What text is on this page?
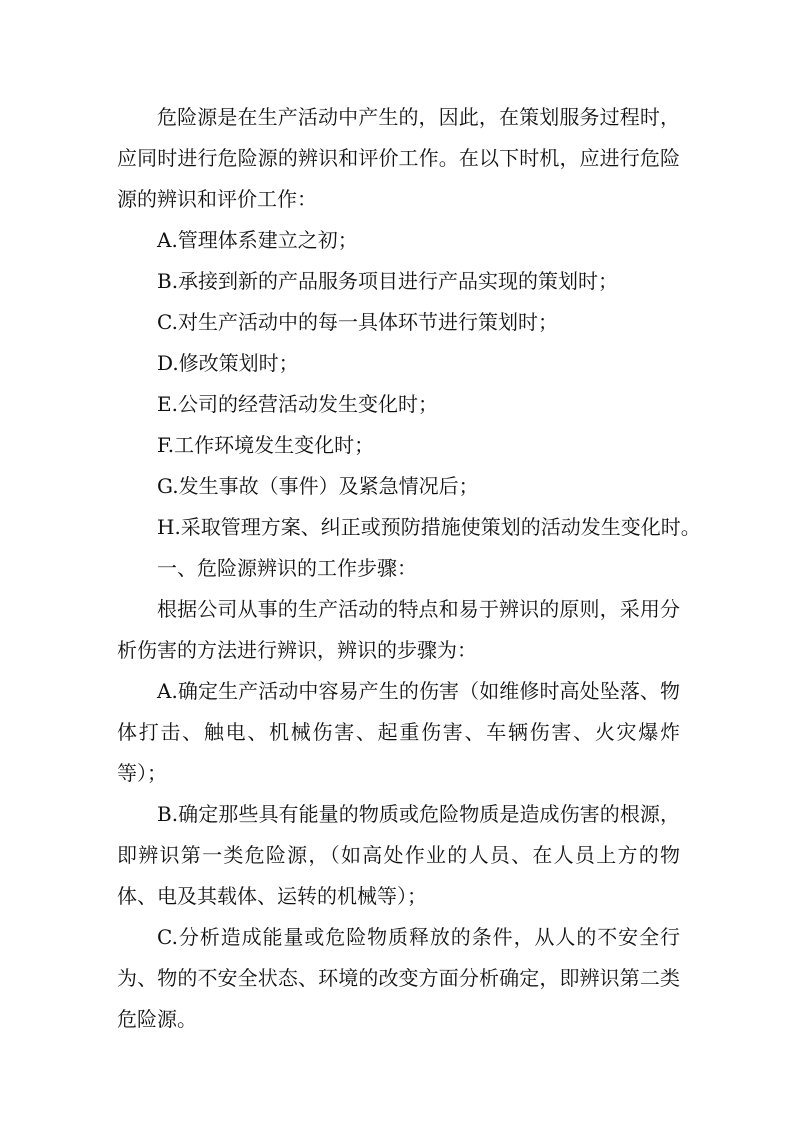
危险源是在生产活动中产生的，因此，在策划服务过程时，应同时进行危险源的辨识和评价工作。在以下时机，应进行危险源的辨识和评价工作：

A.管理体系建立之初；

B.承接到新的产品服务项目进行产品实现的策划时；

C.对生产活动中的每一具体环节进行策划时；

D.修改策划时；

E.公司的经营活动发生变化时；

F.工作环境发生变化时；

G.发生事故（事件）及紧急情况后；

H.采取管理方案、纠正或预防措施使策划的活动发生变化时。

一、危险源辨识的工作步骤：

根据公司从事的生产活动的特点和易于辨识的原则，采用分析伤害的方法进行辨识，辨识的步骤为：

A.确定生产活动中容易产生的伤害（如维修时高处坠落、物体打击、触电、机械伤害、起重伤害、车辆伤害、火灾爆炸等）；

B.确定那些具有能量的物质或危险物质是造成伤害的根源，即辨识第一类危险源，（如高处作业的人员、在人员上方的物体、电及其载体、运转的机械等）；

C.分析造成能量或危险物质释放的条件，从人的不安全行为、物的不安全状态、环境的改变方面分析确定，即辨识第二类危险源。
